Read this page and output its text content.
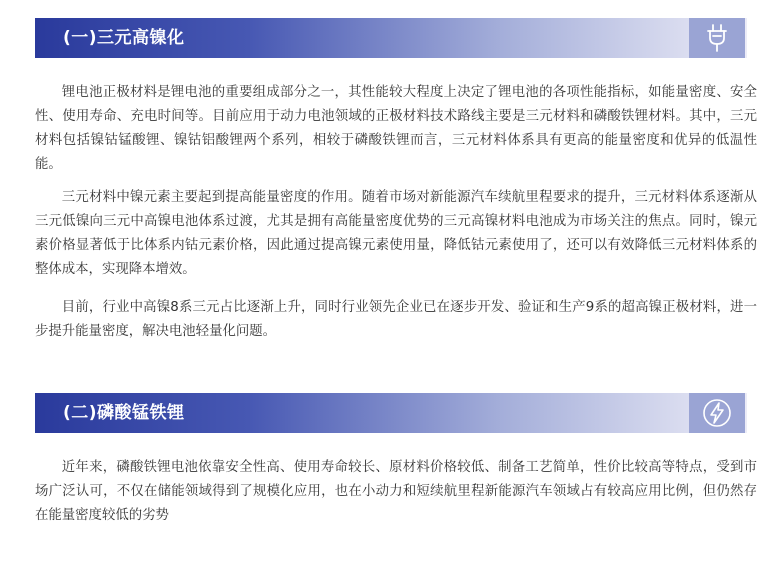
(一)三元高镍化

锂电池正极材料是锂电池的重要组成部分之一，其性能较大程度上决定了锂电池的各项性能指标，如能量密度、安全性、使用寿命、充电时间等。目前应用于动力电池领域的正极材料技术路线主要是三元材料和磷酸铁锂材料。其中，三元材料包括镍钴锰酸锂、镍钴铝酸锂两个系列，相较于磷酸铁锂而言，三元材料体系具有更高的能量密度和优异的低温性能。

三元材料中镍元素主要起到提高能量密度的作用。随着市场对新能源汽车续航里程要求的提升，三元材料体系逐渐从三元低镍向三元中高镍电池体系过渡，尤其是拥有高能量密度优势的三元高镍材料电池成为市场关注的焦点。同时，镍元素价格显著低于比体系内钴元素价格，因此通过提高镍元素使用量，降低钴元素使用了，还可以有效降低三元材料体系的整体成本，实现降本增效。

目前，行业中高镍8系三元占比逐渐上升，同时行业领先企业已在逐步开发、验证和生产9系的超高镍正极材料，进一步提升能量密度，解决电池轻量化问题。

(二)磷酸锰铁锂

近年来，磷酸铁锂电池依靠安全性高、使用寿命较长、原材料价格较低、制备工艺简单，性价比较高等特点，受到市场广泛认可，不仅在储能领域得到了规模化应用，也在小动力和短续航里程新能源汽车领域占有较高应用比例，但仍然存在能量密度较低的劣势
